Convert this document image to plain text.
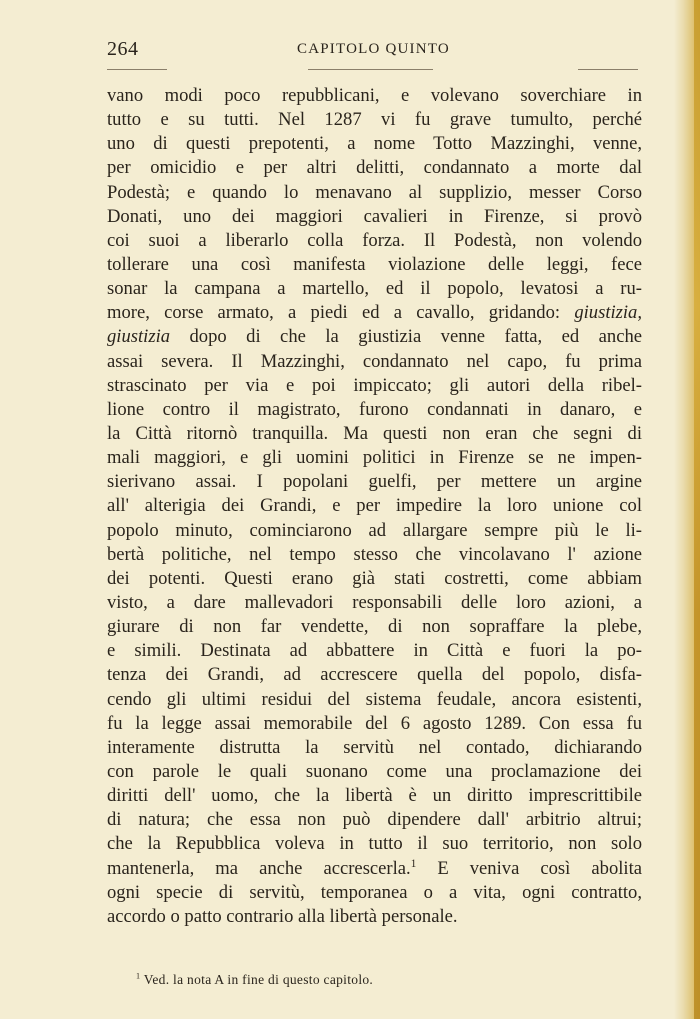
264	CAPITOLO QUINTO
vano modi poco repubblicani, e volevano soverchiare in
tutto e su tutti. Nel 1287 vi fu grave tumulto, perché
uno di questi prepotenti, a nome Totto Mazzinghi, venne,
per omicidio e per altri delitti, condannato a morte dal
Podestà; e quando lo menavano al supplizio, messer Corso
Donati, uno dei maggiori cavalieri in Firenze, si provò
coi suoi a liberarlo colla forza. Il Podestà, non volendo
tollerare una così manifesta violazione delle leggi, fece
sonar la campana a martello, ed il popolo, levatosi a ru-
more, corse armato, a piedi ed a cavallo, gridando: giustizia,
giustizia dopo di che la giustizia venne fatta, ed anche
assai severa. Il Mazzinghi, condannato nel capo, fu prima
strascinato per via e poi impiccato; gli autori della ribel-
lione contro il magistrato, furono condannati in danaro, e
la Città ritornò tranquilla. Ma questi non eran che segni di
mali maggiori, e gli uomini politici in Firenze se ne impen-
sierivano assai. I popolani guelfi, per mettere un argine
all' alterigia dei Grandi, e per impedire la loro unione col
popolo minuto, cominciarono ad allargare sempre più le li-
bertà politiche, nel tempo stesso che vincolavano l' azione
dei potenti. Questi erano già stati costretti, come abbiam
visto, a dare mallevadori responsabili delle loro azioni, a
giurare di non far vendette, di non sopraffare la plebe,
e simili. Destinata ad abbattere in Città e fuori la po-
tenza dei Grandi, ad accrescere quella del popolo, disfa-
cendo gli ultimi residui del sistema feudale, ancora esistenti,
fu la legge assai memorabile del 6 agosto 1289. Con essa fu
interamente distrutta la servitù nel contado, dichiarando
con parole le quali suonano come una proclamazione dei
diritti dell' uomo, che la libertà è un diritto imprescrittibile
di natura; che essa non può dipendere dall' arbitrio altrui;
che la Repubblica voleva in tutto il suo territorio, non solo
mantenerla, ma anche accrescerla.$^1$ E veniva così abolita
ogni specie di servitù, temporanea o a vita, ogni contratto,
accordo o patto contrario alla libertà personale.
$^1$ Ved. la nota A in fine di questo capitolo.
